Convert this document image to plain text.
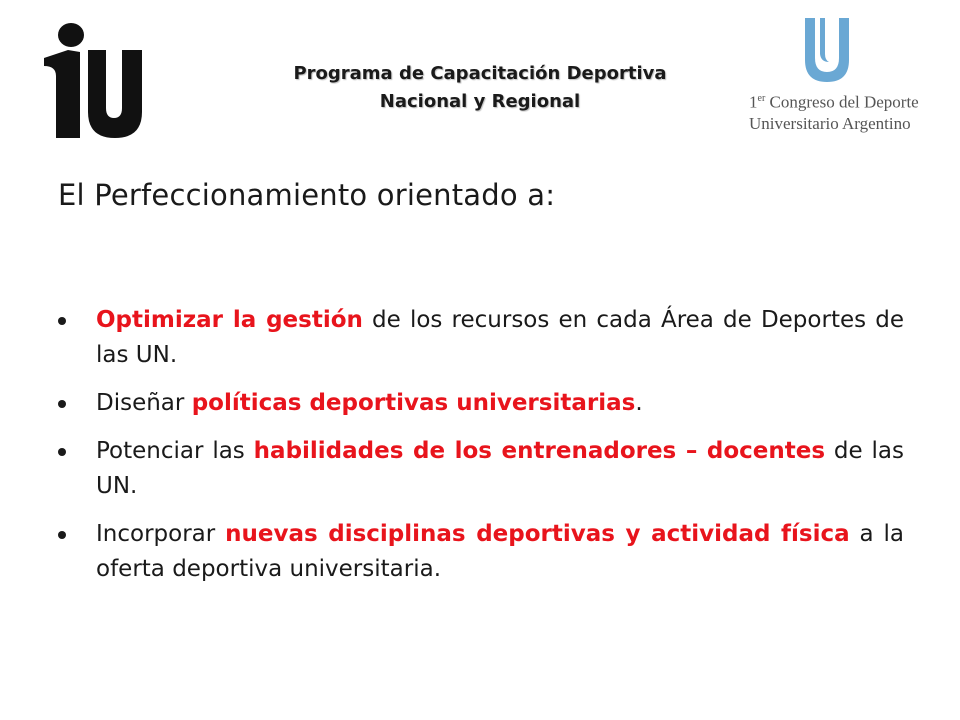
Programa de Capacitación Deportiva
Nacional y Regional	1er Congreso del Deporte
Universitario Argentino
El Perfeccionamiento orientado a:
Optimizar la gestión de los recursos en cada Área de Deportes de las UN.
Diseñar políticas deportivas universitarias.
Potenciar las habilidades de los entrenadores – docentes de las UN.
Incorporar nuevas disciplinas deportivas y actividad física a la oferta deportiva universitaria.
